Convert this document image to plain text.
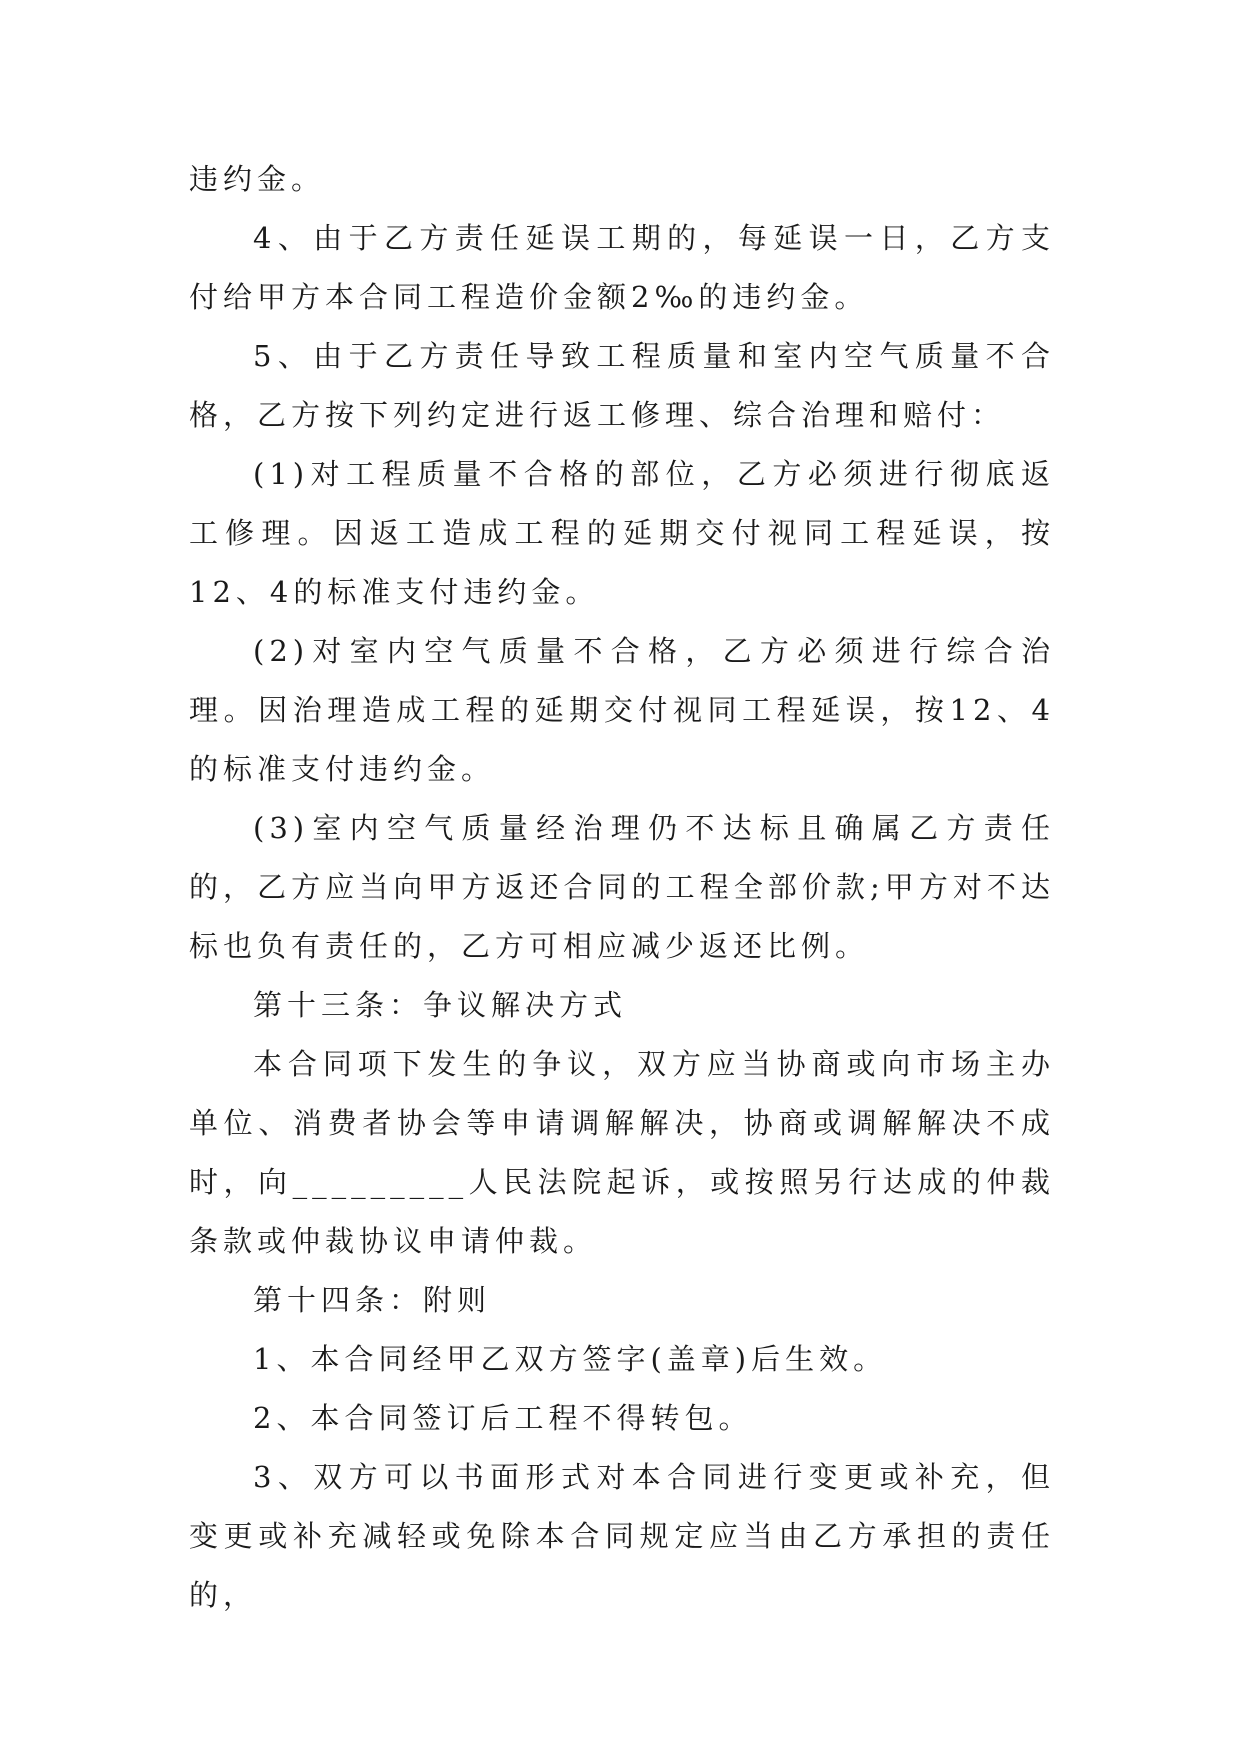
违约金。

4、由于乙方责任延误工期的，每延误一日，乙方支付给甲方本合同工程造价金额2‰的违约金。

5、由于乙方责任导致工程质量和室内空气质量不合格，乙方按下列约定进行返工修理、综合治理和赔付：

(1)对工程质量不合格的部位，乙方必须进行彻底返工修理。因返工造成工程的延期交付视同工程延误，按12、4的标准支付违约金。

(2)对室内空气质量不合格，乙方必须进行综合治理。因治理造成工程的延期交付视同工程延误，按12、4的标准支付违约金。

(3)室内空气质量经治理仍不达标且确属乙方责任的，乙方应当向甲方返还合同的工程全部价款;甲方对不达标也负有责任的，乙方可相应减少返还比例。

第十三条：争议解决方式

本合同项下发生的争议，双方应当协商或向市场主办单位、消费者协会等申请调解解决，协商或调解解决不成时，向_________人民法院起诉，或按照另行达成的仲裁条款或仲裁协议申请仲裁。

第十四条：附则

1、本合同经甲乙双方签字(盖章)后生效。

2、本合同签订后工程不得转包。

3、双方可以书面形式对本合同进行变更或补充，但变更或补充减轻或免除本合同规定应当由乙方承担的责任的，
